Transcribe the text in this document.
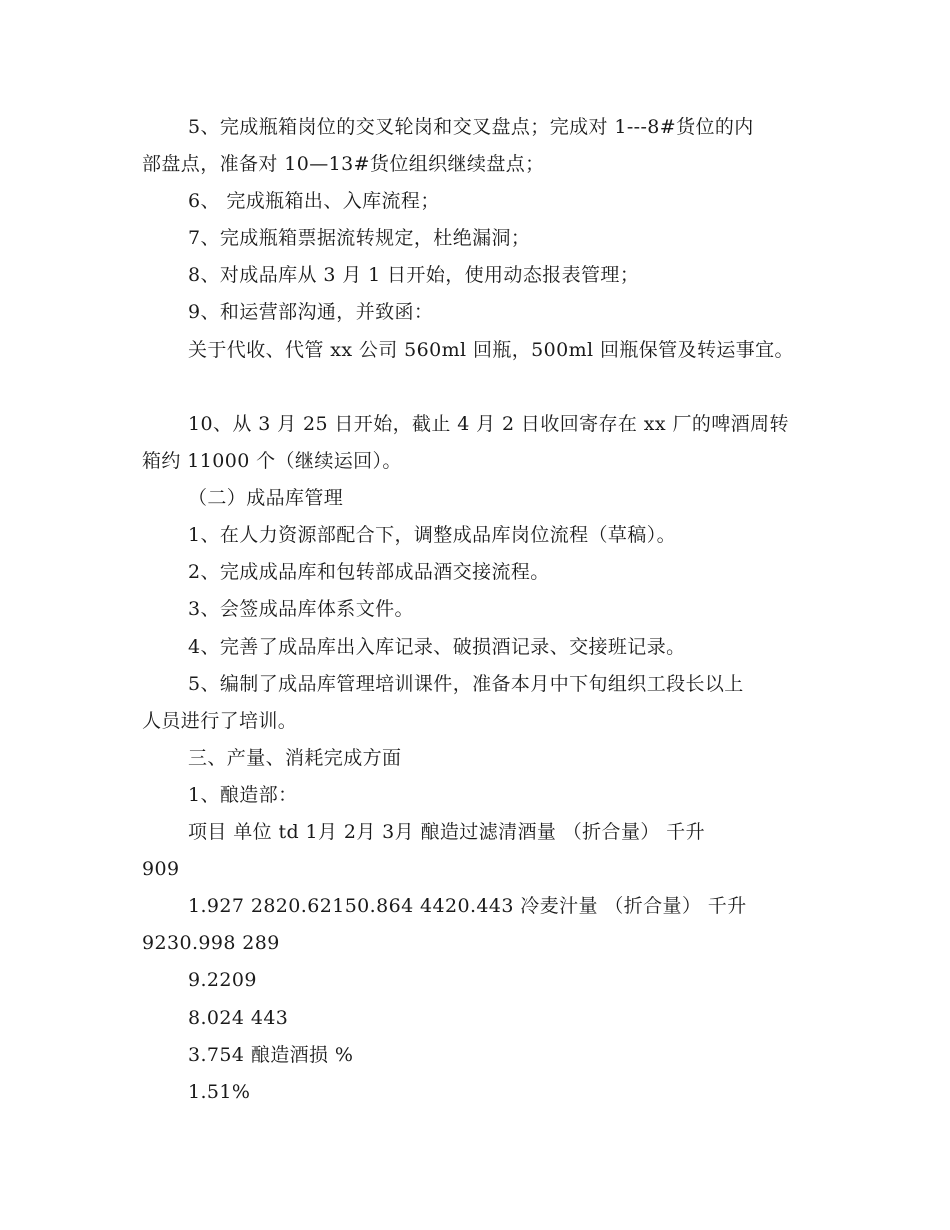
5、完成瓶箱岗位的交叉轮岗和交叉盘点；完成对 1---8#货位的内
部盘点，准备对 10—13#货位组织继续盘点；
6、 完成瓶箱出、入库流程；
7、完成瓶箱票据流转规定，杜绝漏洞；
8、对成品库从 3 月 1 日开始，使用动态报表管理；
9、和运营部沟通，并致函：
关于代收、代管 xx 公司 560ml 回瓶，500ml 回瓶保管及转运事宜。
10、从 3 月 25 日开始，截止 4 月 2 日收回寄存在 xx 厂的啤酒周转
箱约 11000 个（继续运回）。
（二）成品库管理
1、在人力资源部配合下，调整成品库岗位流程（草稿）。
2、完成成品库和包转部成品酒交接流程。
3、会签成品库体系文件。
4、完善了成品库出入库记录、破损酒记录、交接班记录。
5、编制了成品库管理培训课件，准备本月中下旬组织工段长以上
人员进行了培训。
三、产量、消耗完成方面
1、酿造部：
项目 单位 td 1月 2月 3月 酿造过滤清酒量 （折合量） 千升
909
1.927 2820.62150.864 4420.443 冷麦汁量 （折合量） 千升
9230.998 289
9.2209
8.024 443
3.754 酿造酒损 %
1.51%
